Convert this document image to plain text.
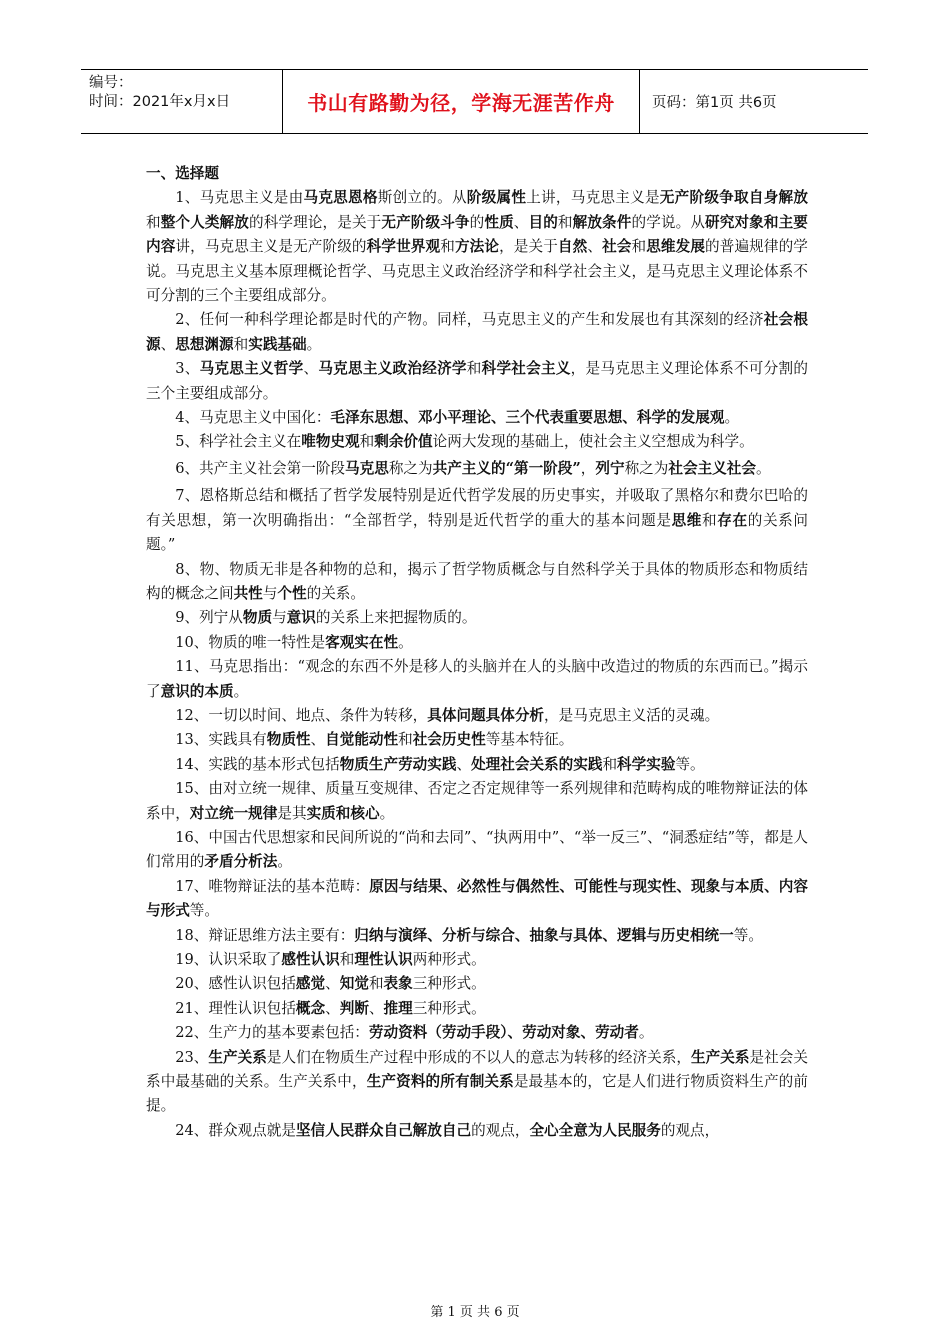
编号：
时间：2021年x月x日	书山有路勤为径，学海无涯苦作舟	页码：第1页 共6页

一、选择题

1、马克思主义是由马克思恩格斯创立的。从阶级属性上讲，马克思主义是无产阶级争取自身解放和整个人类解放的科学理论，是关于无产阶级斗争的性质、目的和解放条件的学说。从研究对象和主要内容讲，马克思主义是无产阶级的科学世界观和方法论，是关于自然、社会和思维发展的普遍规律的学说。马克思主义基本原理概论哲学、马克思主义政治经济学和科学社会主义，是马克思主义理论体系不可分割的三个主要组成部分。

2、任何一种科学理论都是时代的产物。同样，马克思主义的产生和发展也有其深刻的经济社会根源、思想渊源和实践基础。

3、马克思主义哲学、马克思主义政治经济学和科学社会主义，是马克思主义理论体系不可分割的三个主要组成部分。

4、马克思主义中国化：毛泽东思想、邓小平理论、三个代表重要思想、科学的发展观。

5、科学社会主义在唯物史观和剩余价值论两大发现的基础上，使社会主义空想成为科学。

6、共产主义社会第一阶段马克思称之为共产主义的“第一阶段”，列宁称之为社会主义社会。

7、恩格斯总结和概括了哲学发展特别是近代哲学发展的历史事实，并吸取了黑格尔和费尔巴哈的有关思想，第一次明确指出：“全部哲学，特别是近代哲学的重大的基本问题是思维和存在的关系问题。”

8、物、物质无非是各种物的总和，揭示了哲学物质概念与自然科学关于具体的物质形态和物质结构的概念之间共性与个性的关系。

9、列宁从物质与意识的关系上来把握物质的。

10、物质的唯一特性是客观实在性。

11、马克思指出：“观念的东西不外是移人的头脑并在人的头脑中改造过的物质的东西而已。”揭示了意识的本质。

12、一切以时间、地点、条件为转移，具体问题具体分析，是马克思主义活的灵魂。

13、实践具有物质性、自觉能动性和社会历史性等基本特征。

14、实践的基本形式包括物质生产劳动实践、处理社会关系的实践和科学实验等。

15、由对立统一规律、质量互变规律、否定之否定规律等一系列规律和范畴构成的唯物辩证法的体系中，对立统一规律是其实质和核心。

16、中国古代思想家和民间所说的“尚和去同”、“执两用中”、“举一反三”、“洞悉症结”等，都是人们常用的矛盾分析法。

17、唯物辩证法的基本范畴：原因与结果、必然性与偶然性、可能性与现实性、现象与本质、内容与形式等。

18、辩证思维方法主要有：归纳与演绎、分析与综合、抽象与具体、逻辑与历史相统一等。

19、认识采取了感性认识和理性认识两种形式。

20、感性认识包括感觉、知觉和表象三种形式。

21、理性认识包括概念、判断、推理三种形式。

22、生产力的基本要素包括：劳动资料（劳动手段）、劳动对象、劳动者。

23、生产关系是人们在物质生产过程中形成的不以人的意志为转移的经济关系，生产关系是社会关系中最基础的关系。生产关系中，生产资料的所有制关系是最基本的，它是人们进行物质资料生产的前提。

24、群众观点就是坚信人民群众自己解放自己的观点，全心全意为人民服务的观点，

第 1 页 共 6 页
